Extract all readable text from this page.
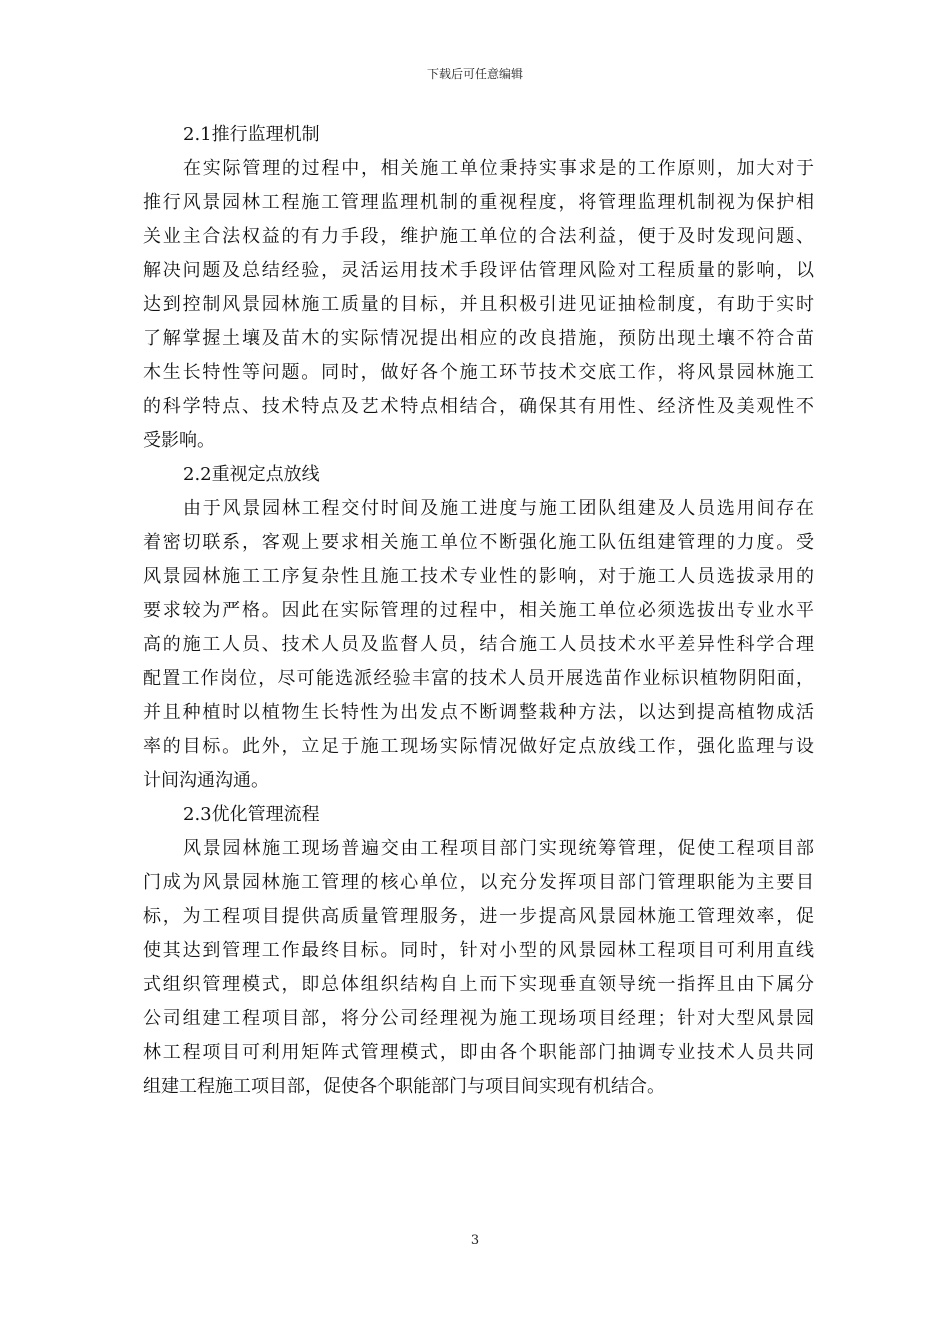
下载后可任意编辑
2.1推行监理机制
在实际管理的过程中，相关施工单位秉持实事求是的工作原则，加大对于
推行风景园林工程施工管理监理机制的重视程度，将管理监理机制视为保护相
关业主合法权益的有力手段，维护施工单位的合法利益，便于及时发现问题、
解决问题及总结经验，灵活运用技术手段评估管理风险对工程质量的影响，以
达到控制风景园林施工质量的目标，并且积极引进见证抽检制度，有助于实时
了解掌握土壤及苗木的实际情况提出相应的改良措施，预防出现土壤不符合苗
木生长特性等问题。同时，做好各个施工环节技术交底工作，将风景园林施工
的科学特点、技术特点及艺术特点相结合，确保其有用性、经济性及美观性不
受影响。
2.2重视定点放线
由于风景园林工程交付时间及施工进度与施工团队组建及人员选用间存在
着密切联系，客观上要求相关施工单位不断强化施工队伍组建管理的力度。受
风景园林施工工序复杂性且施工技术专业性的影响，对于施工人员选拔录用的
要求较为严格。因此在实际管理的过程中，相关施工单位必须选拔出专业水平
高的施工人员、技术人员及监督人员，结合施工人员技术水平差异性科学合理
配置工作岗位，尽可能选派经验丰富的技术人员开展选苗作业标识植物阴阳面，
并且种植时以植物生长特性为出发点不断调整栽种方法，以达到提高植物成活
率的目标。此外，立足于施工现场实际情况做好定点放线工作，强化监理与设
计间沟通沟通。
2.3优化管理流程
风景园林施工现场普遍交由工程项目部门实现统筹管理，促使工程项目部
门成为风景园林施工管理的核心单位，以充分发挥项目部门管理职能为主要目
标，为工程项目提供高质量管理服务，进一步提高风景园林施工管理效率，促
使其达到管理工作最终目标。同时，针对小型的风景园林工程项目可利用直线
式组织管理模式，即总体组织结构自上而下实现垂直领导统一指挥且由下属分
公司组建工程项目部，将分公司经理视为施工现场项目经理；针对大型风景园
林工程项目可利用矩阵式管理模式，即由各个职能部门抽调专业技术人员共同
组建工程施工项目部，促使各个职能部门与项目间实现有机结合。
3
